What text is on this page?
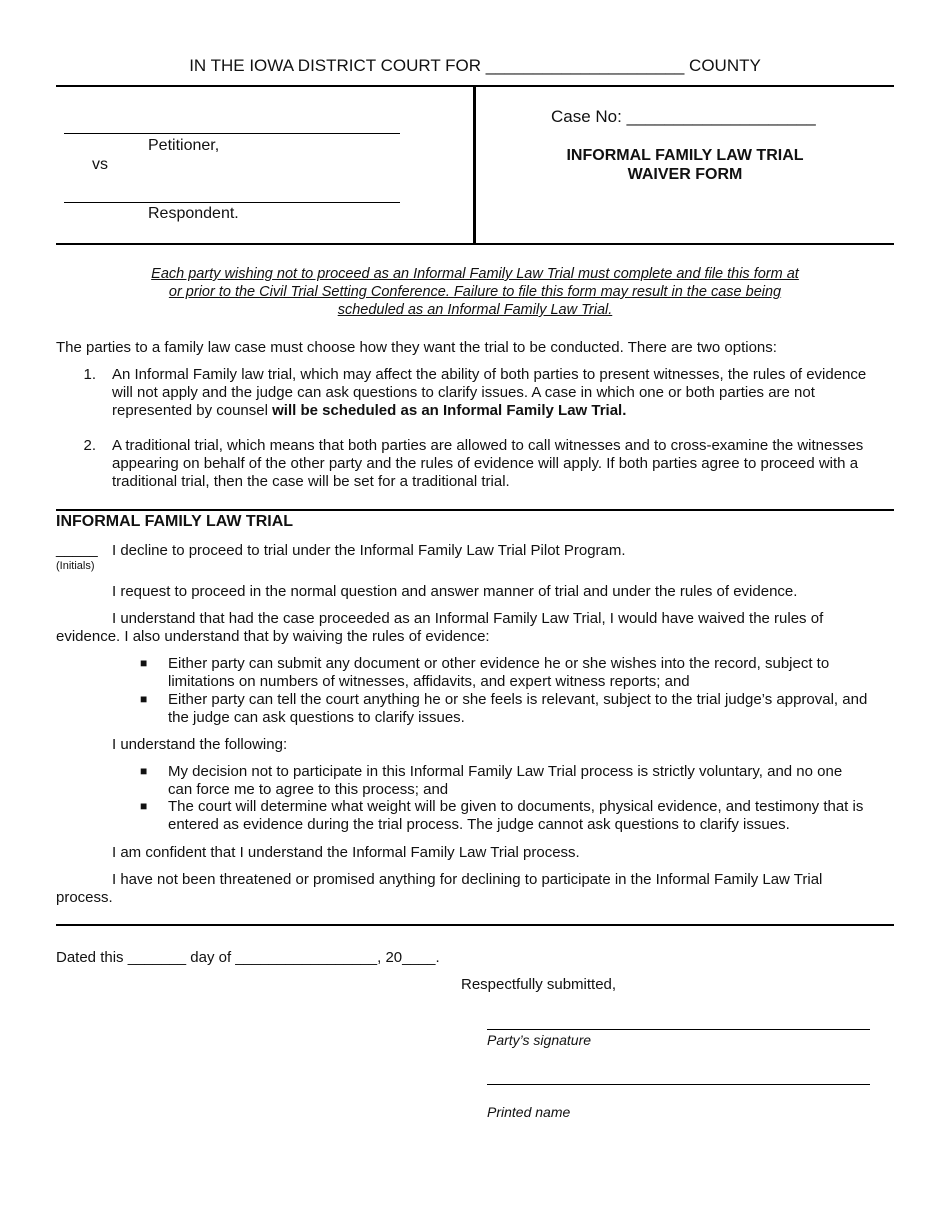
IN THE IOWA DISTRICT COURT FOR _____________________ COUNTY
Petitioner,
vs
Respondent.
Case No: ____________________
INFORMAL FAMILY LAW TRIAL
WAIVER FORM
Each party wishing not to proceed as an Informal Family Law Trial must complete and file this form at
or prior to the Civil Trial Setting Conference. Failure to file this form may result in the case being
scheduled as an Informal Family Law Trial.
The parties to a family law case must choose how they want the trial to be conducted. There are two options:
1. An Informal Family law trial, which may affect the ability of both parties to present witnesses, the rules of evidence
will not apply and the judge can ask questions to clarify issues. A case in which one or both parties are not
represented by counsel will be scheduled as an Informal Family Law Trial.
2. A traditional trial, which means that both parties are allowed to call witnesses and to cross-examine the witnesses
appearing on behalf of the other party and the rules of evidence will apply. If both parties agree to proceed with a
traditional trial, then the case will be set for a traditional trial.
INFORMAL FAMILY LAW TRIAL
_____
(Initials)
I decline to proceed to trial under the Informal Family Law Trial Pilot Program.
I request to proceed in the normal question and answer manner of trial and under the rules of evidence.
I understand that had the case proceeded as an Informal Family Law Trial, I would have waived the rules of
evidence. I also understand that by waiving the rules of evidence:
■ Either party can submit any document or other evidence he or she wishes into the record, subject to
limitations on numbers of witnesses, affidavits, and expert witness reports; and
■ Either party can tell the court anything he or she feels is relevant, subject to the trial judge’s approval, and
the judge can ask questions to clarify issues.
I understand the following:
■ My decision not to participate in this Informal Family Law Trial process is strictly voluntary, and no one
can force me to agree to this process; and
■ The court will determine what weight will be given to documents, physical evidence, and testimony that is
entered as evidence during the trial process. The judge cannot ask questions to clarify issues.
I am confident that I understand the Informal Family Law Trial process.
I have not been threatened or promised anything for declining to participate in the Informal Family Law Trial
process.
Dated this _______ day of _________________, 20____.
Respectfully submitted,
Party’s signature
Printed name
